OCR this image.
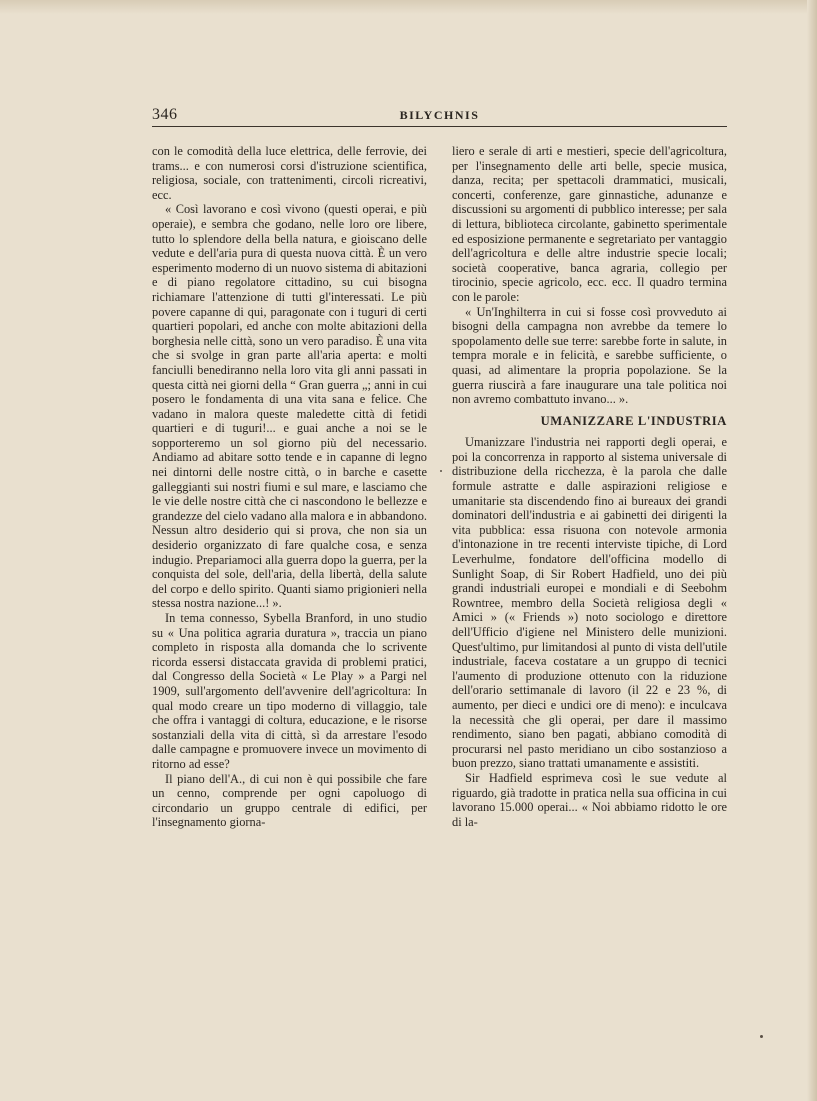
346	BILYCHNIS

con le comodità della luce elettrica, delle ferrovie, dei trams... e con numerosi corsi d'istruzione scientifica, religiosa, sociale, con trattenimenti, circoli ricreativi, ecc.

« Così lavorano e così vivono (questi operai, e più operaie), e sembra che godano, nelle loro ore libere, tutto lo splendore della bella natura, e gioiscano delle vedute e dell'aria pura di questa nuova città. È un vero esperimento moderno di un nuovo sistema di abitazioni e di piano regolatore cittadino, su cui bisogna richiamare l'attenzione di tutti gl'interessati. Le più povere capanne di qui, paragonate con i tuguri di certi quartieri popolari, ed anche con molte abitazioni della borghesia nelle città, sono un vero paradiso. È una vita che si svolge in gran parte all'aria aperta: e molti fanciulli benediranno nella loro vita gli anni passati in questa città nei giorni della “ Gran guerra „; anni in cui posero le fondamenta di una vita sana e felice. Che vadano in malora queste maledette città di fetidi quartieri e di tuguri!... e guai anche a noi se le sopporteremo un sol giorno più del necessario. Andiamo ad abitare sotto tende e in capanne di legno nei dintorni delle nostre città, o in barche e casette galleggianti sui nostri fiumi e sul mare, e lasciamo che le vie delle nostre città che ci nascondono le bellezze e grandezze del cielo vadano alla malora e in abbandono. Nessun altro desiderio qui si prova, che non sia un desiderio organizzato di fare qualche cosa, e senza indugio. Prepariamoci alla guerra dopo la guerra, per la conquista del sole, dell'aria, della libertà, della salute del corpo e dello spirito. Quanti siamo prigionieri nella stessa nostra nazione...! ».

In tema connesso, Sybella Branford, in uno studio su « Una politica agraria duratura », traccia un piano completo in risposta alla domanda che lo scrivente ricorda essersi distaccata gravida di problemi pratici, dal Congresso della Società « Le Play » a Pargi nel 1909, sull'argomento dell'avvenire dell'agricoltura: In qual modo creare un tipo moderno di villaggio, tale che offra i vantaggi di coltura, educazione, e le risorse sostanziali della vita di città, sì da arrestare l'esodo dalle campagne e promuovere invece un movimento di ritorno ad esse?

Il piano dell'A., di cui non è qui possibile che fare un cenno, comprende per ogni capoluogo di circondario un gruppo centrale di edifici, per l'insegnamento giorna-

liero e serale di arti e mestieri, specie dell'agricoltura, per l'insegnamento delle arti belle, specie musica, danza, recita; per spettacoli drammatici, musicali, concerti, conferenze, gare ginnastiche, adunanze e discussioni su argomenti di pubblico interesse; per sala di lettura, biblioteca circolante, gabinetto sperimentale ed esposizione permanente e segretariato per vantaggio dell'agricoltura e delle altre industrie specie locali; società cooperative, banca agraria, collegio per tirocinio, specie agricolo, ecc. ecc. Il quadro termina con le parole:

« Un'Inghilterra in cui si fosse così provveduto ai bisogni della campagna non avrebbe da temere lo spopolamento delle sue terre: sarebbe forte in salute, in tempra morale e in felicità, e sarebbe sufficiente, o quasi, ad alimentare la propria popolazione. Se la guerra riuscirà a fare inaugurare una tale politica noi non avremo combattuto invano... ».

UMANIZZARE L'INDUSTRIA

Umanizzare l'industria nei rapporti degli operai, e poi la concorrenza in rapporto al sistema universale di distribuzione della ricchezza, è la parola che dalle formule astratte e dalle aspirazioni religiose e umanitarie sta discendendo fino ai bureaux dei grandi dominatori dell'industria e ai gabinetti dei dirigenti la vita pubblica: essa risuona con notevole armonia d'intonazione in tre recenti interviste tipiche, di Lord Leverhulme, fondatore dell'officina modello di Sunlight Soap, di Sir Robert Hadfield, uno dei più grandi industriali europei e mondiali e di Seebohm Rowntree, membro della Società religiosa degli « Amici » (« Friends ») noto sociologo e direttore dell'Ufficio d'igiene nel Ministero delle munizioni. Quest'ultimo, pur limitandosi al punto di vista dell'utile industriale, faceva costatare a un gruppo di tecnici l'aumento di produzione ottenuto con la riduzione dell'orario settimanale di lavoro (il 22 e 23 %, di aumento, per dieci e undici ore di meno): e inculcava la necessità che gli operai, per dare il massimo rendimento, siano ben pagati, abbiano comodità di procurarsi nel pasto meridiano un cibo sostanzioso a buon prezzo, siano trattati umanamente e assistiti.

Sir Hadfield esprimeva così le sue vedute al riguardo, già tradotte in pratica nella sua officina in cui lavorano 15.000 operai... « Noi abbiamo ridotto le ore di la-
